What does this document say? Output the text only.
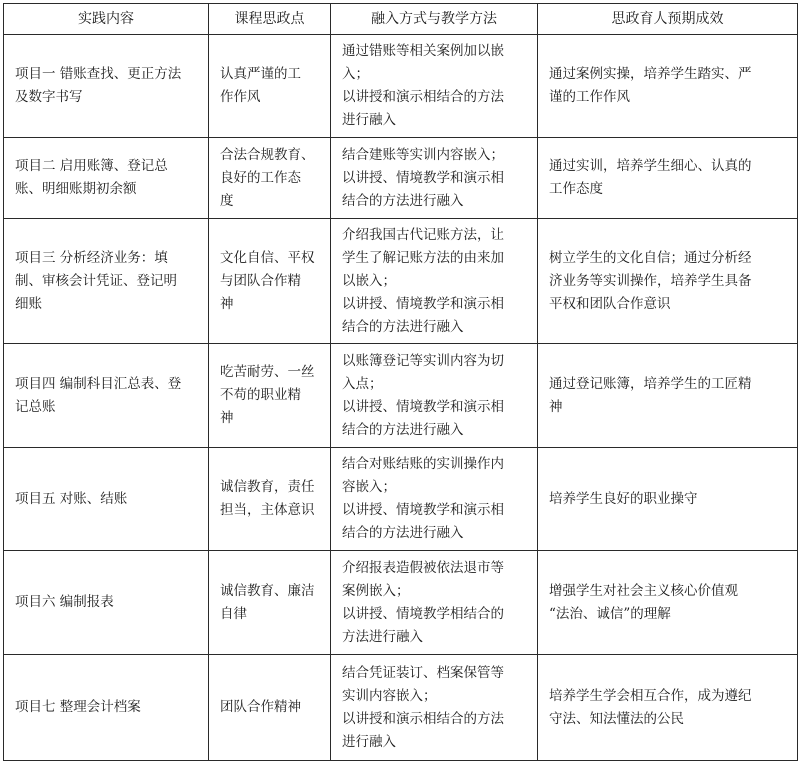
实践内容	课程思政点	融入方式与教学方法	思政育人预期成效

项目一 错账查找、更正方法
及数字书写	认真严谨的工
作作风	通过错账等相关案例加以嵌
入；
以讲授和演示相结合的方法
进行融入	通过案例实操，培养学生踏实、严
谨的工作作风

项目二 启用账簿、登记总
账、明细账期初余额	合法合规教育、
良好的工作态
度	结合建账等实训内容嵌入；
以讲授、情境教学和演示相
结合的方法进行融入	通过实训，培养学生细心、认真的
工作态度

项目三 分析经济业务：填
制、审核会计凭证、登记明
细账	文化自信、平权
与团队合作精
神	介绍我国古代记账方法，让
学生了解记账方法的由来加
以嵌入；
以讲授、情境教学和演示相
结合的方法进行融入	树立学生的文化自信；通过分析经
济业务等实训操作，培养学生具备
平权和团队合作意识

项目四 编制科目汇总表、登
记总账	吃苦耐劳、一丝
不苟的职业精
神	以账簿登记等实训内容为切
入点；
以讲授、情境教学和演示相
结合的方法进行融入	通过登记账簿，培养学生的工匠精
神

项目五 对账、结账	诚信教育，责任
担当，主体意识	结合对账结账的实训操作内
容嵌入；
以讲授、情境教学和演示相
结合的方法进行融入	培养学生良好的职业操守

项目六 编制报表	诚信教育、廉洁
自律	介绍报表造假被依法退市等
案例嵌入；
以讲授、情境教学相结合的
方法进行融入	增强学生对社会主义核心价值观
“法治、诚信”的理解

项目七 整理会计档案	团队合作精神	结合凭证装订、档案保管等
实训内容嵌入；
以讲授和演示相结合的方法
进行融入	培养学生学会相互合作，成为遵纪
守法、知法懂法的公民
